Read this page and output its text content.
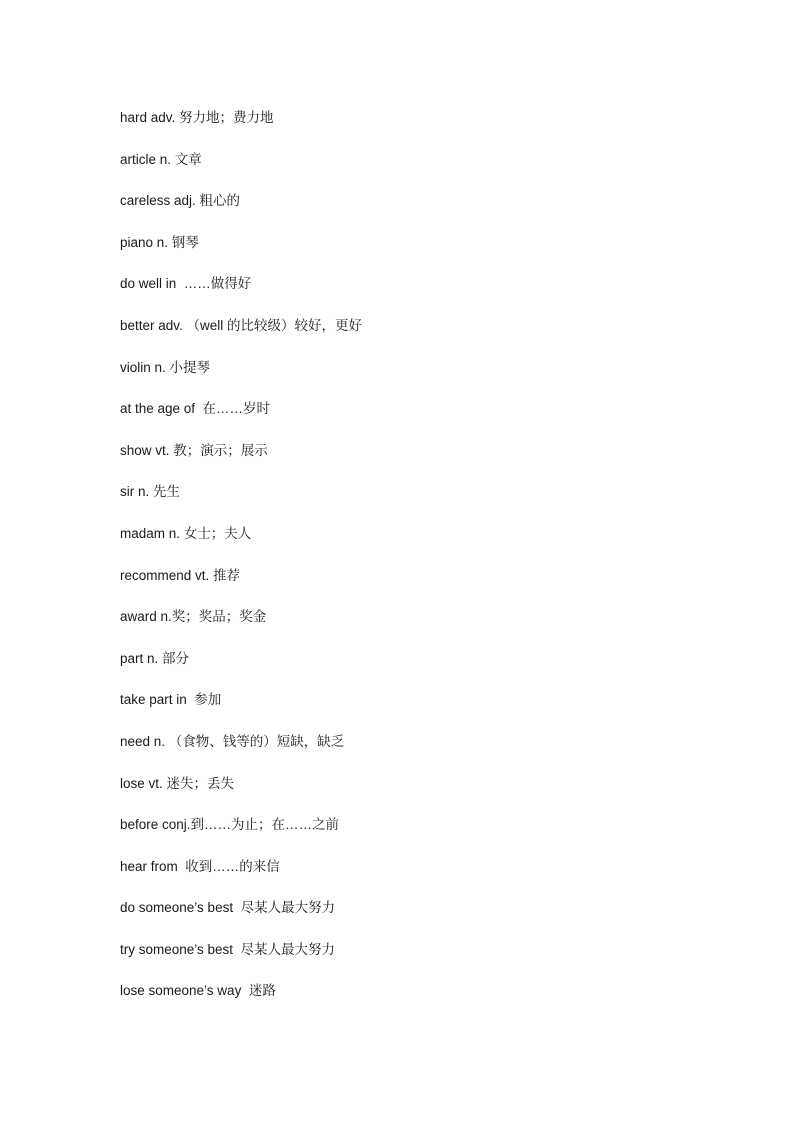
hard adv. 努力地；费力地
article n. 文章
careless adj. 粗心的
piano n. 钢琴
do well in  ……做得好
better adv. （well 的比较级）较好，更好
violin n. 小提琴
at the age of  在……岁时
show vt. 教；演示；展示
sir n. 先生
madam n. 女士；夫人
recommend vt. 推荐
award n.奖；奖品；奖金
part n. 部分
take part in  参加
need n. （食物、钱等的）短缺，缺乏
lose vt. 迷失；丢失
before conj.到……为止；在……之前
hear from  收到……的来信
do someone’s best  尽某人最大努力
try someone’s best  尽某人最大努力
lose someone’s way  迷路
